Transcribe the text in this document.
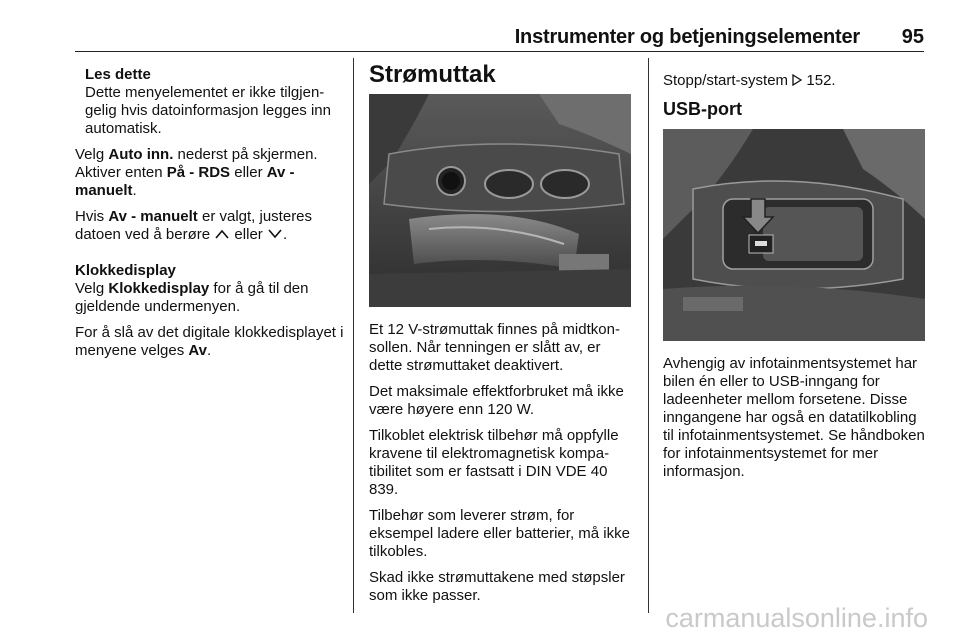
Instrumenter og betjeningselementer 95
Les dette
Dette menyelementet er ikke tilgjengelig hvis datoinformasjon legges inn automatisk.

Velg Auto inn. nederst på skjermen. Aktiver enten På - RDS eller Av - manuelt.

Hvis Av - manuelt er valgt, justeres datoen ved å berøre  eller .

Klokkedisplay

Velg Klokkedisplay for å gå til den gjeldende undermenyen.

For å slå av det digitale klokkedisplayet i menyene velges Av.

Strømuttak

Et 12 V-strømuttak finnes på midtkonsollen. Når tenningen er slått av, er dette strømuttaket deaktivert.

Det maksimale effektforbruket må ikke være høyere enn 120 W.

Tilkoblet elektrisk tilbehør må oppfylle kravene til elektromagnetisk kompatibilitet som er fastsatt i DIN VDE 40 839.

Tilbehør som leverer strøm, for eksempel ladere eller batterier, må ikke tilkobles.

Skad ikke strømuttakene med støpsler som ikke passer.

Stopp/start-system  152.

USB-port

Avhengig av infotainmentsystemet har bilen én eller to USB-inngang for ladeenheter mellom forsetene. Disse inngangene har også en datatilkobling til infotainmentsystemet. Se håndboken for infotainmentsystemet for mer informasjon.

carmanualsonline.info
